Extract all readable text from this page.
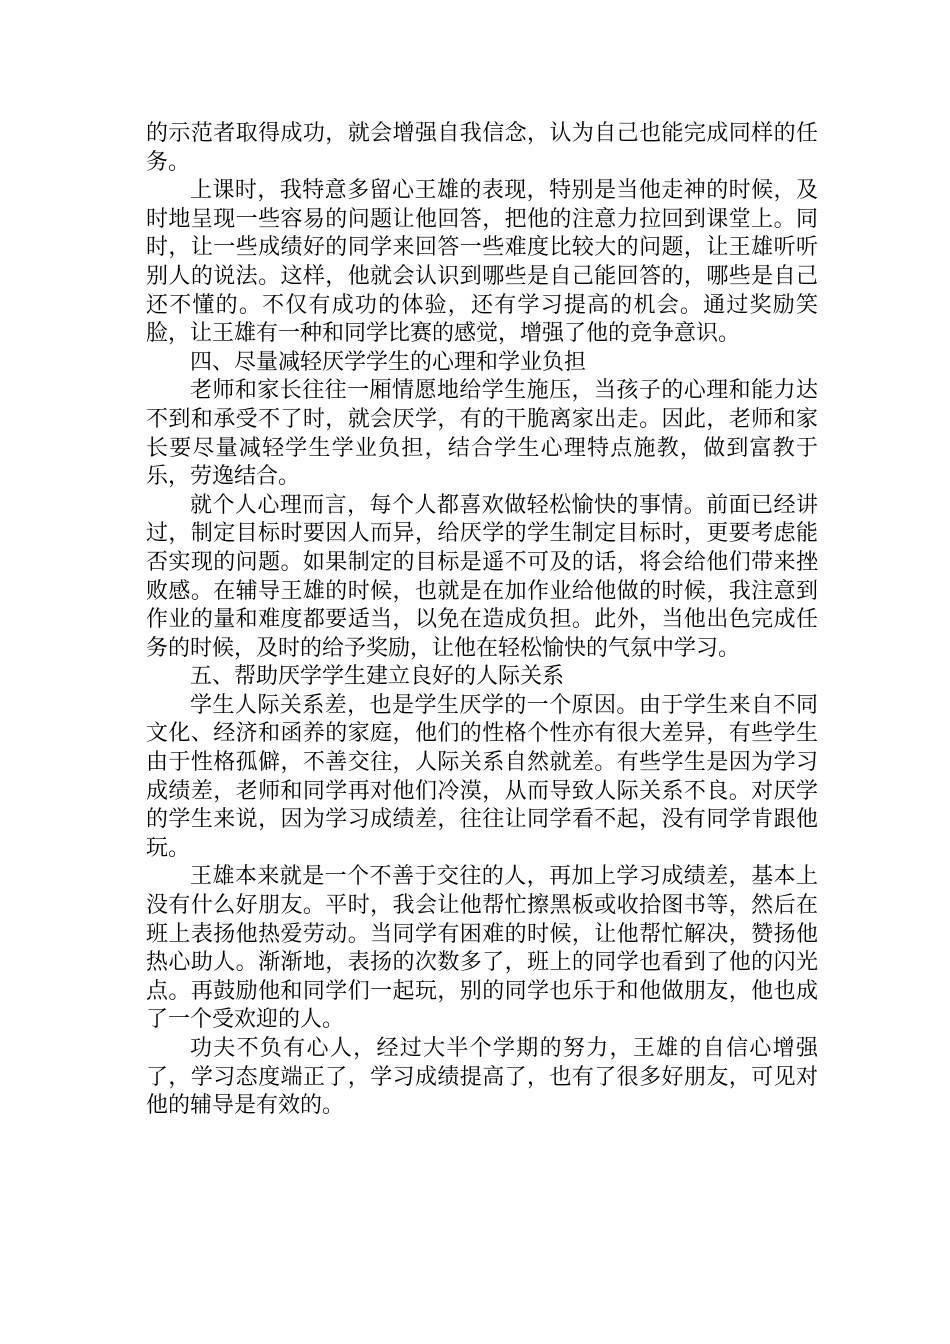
的示范者取得成功，就会增强自我信念，认为自己也能完成同样的任务。

上课时，我特意多留心王雄的表现，特别是当他走神的时候，及时地呈现一些容易的问题让他回答，把他的注意力拉回到课堂上。同时，让一些成绩好的同学来回答一些难度比较大的问题，让王雄听听别人的说法。这样，他就会认识到哪些是自己能回答的，哪些是自己还不懂的。不仅有成功的体验，还有学习提高的机会。通过奖励笑脸，让王雄有一种和同学比赛的感觉，增强了他的竞争意识。

四、尽量减轻厌学学生的心理和学业负担

老师和家长往往一厢情愿地给学生施压，当孩子的心理和能力达不到和承受不了时，就会厌学，有的干脆离家出走。因此，老师和家长要尽量减轻学生学业负担，结合学生心理特点施教，做到富教于乐，劳逸结合。

就个人心理而言，每个人都喜欢做轻松愉快的事情。前面已经讲过，制定目标时要因人而异，给厌学的学生制定目标时，更要考虑能否实现的问题。如果制定的目标是遥不可及的话，将会给他们带来挫败感。在辅导王雄的时候，也就是在加作业给他做的时候，我注意到作业的量和难度都要适当，以免在造成负担。此外，当他出色完成任务的时候，及时的给予奖励，让他在轻松愉快的气氛中学习。

五、帮助厌学学生建立良好的人际关系

学生人际关系差，也是学生厌学的一个原因。由于学生来自不同文化、经济和函养的家庭，他们的性格个性亦有很大差异，有些学生由于性格孤僻，不善交往，人际关系自然就差。有些学生是因为学习成绩差，老师和同学再对他们冷漠，从而导致人际关系不良。对厌学的学生来说，因为学习成绩差，往往让同学看不起，没有同学肯跟他玩。

王雄本来就是一个不善于交往的人，再加上学习成绩差，基本上没有什么好朋友。平时，我会让他帮忙擦黑板或收拾图书等，然后在班上表扬他热爱劳动。当同学有困难的时候，让他帮忙解决，赞扬他热心助人。渐渐地，表扬的次数多了，班上的同学也看到了他的闪光点。再鼓励他和同学们一起玩，别的同学也乐于和他做朋友，他也成了一个受欢迎的人。

功夫不负有心人，经过大半个学期的努力，王雄的自信心增强了，学习态度端正了，学习成绩提高了，也有了很多好朋友，可见对他的辅导是有效的。
